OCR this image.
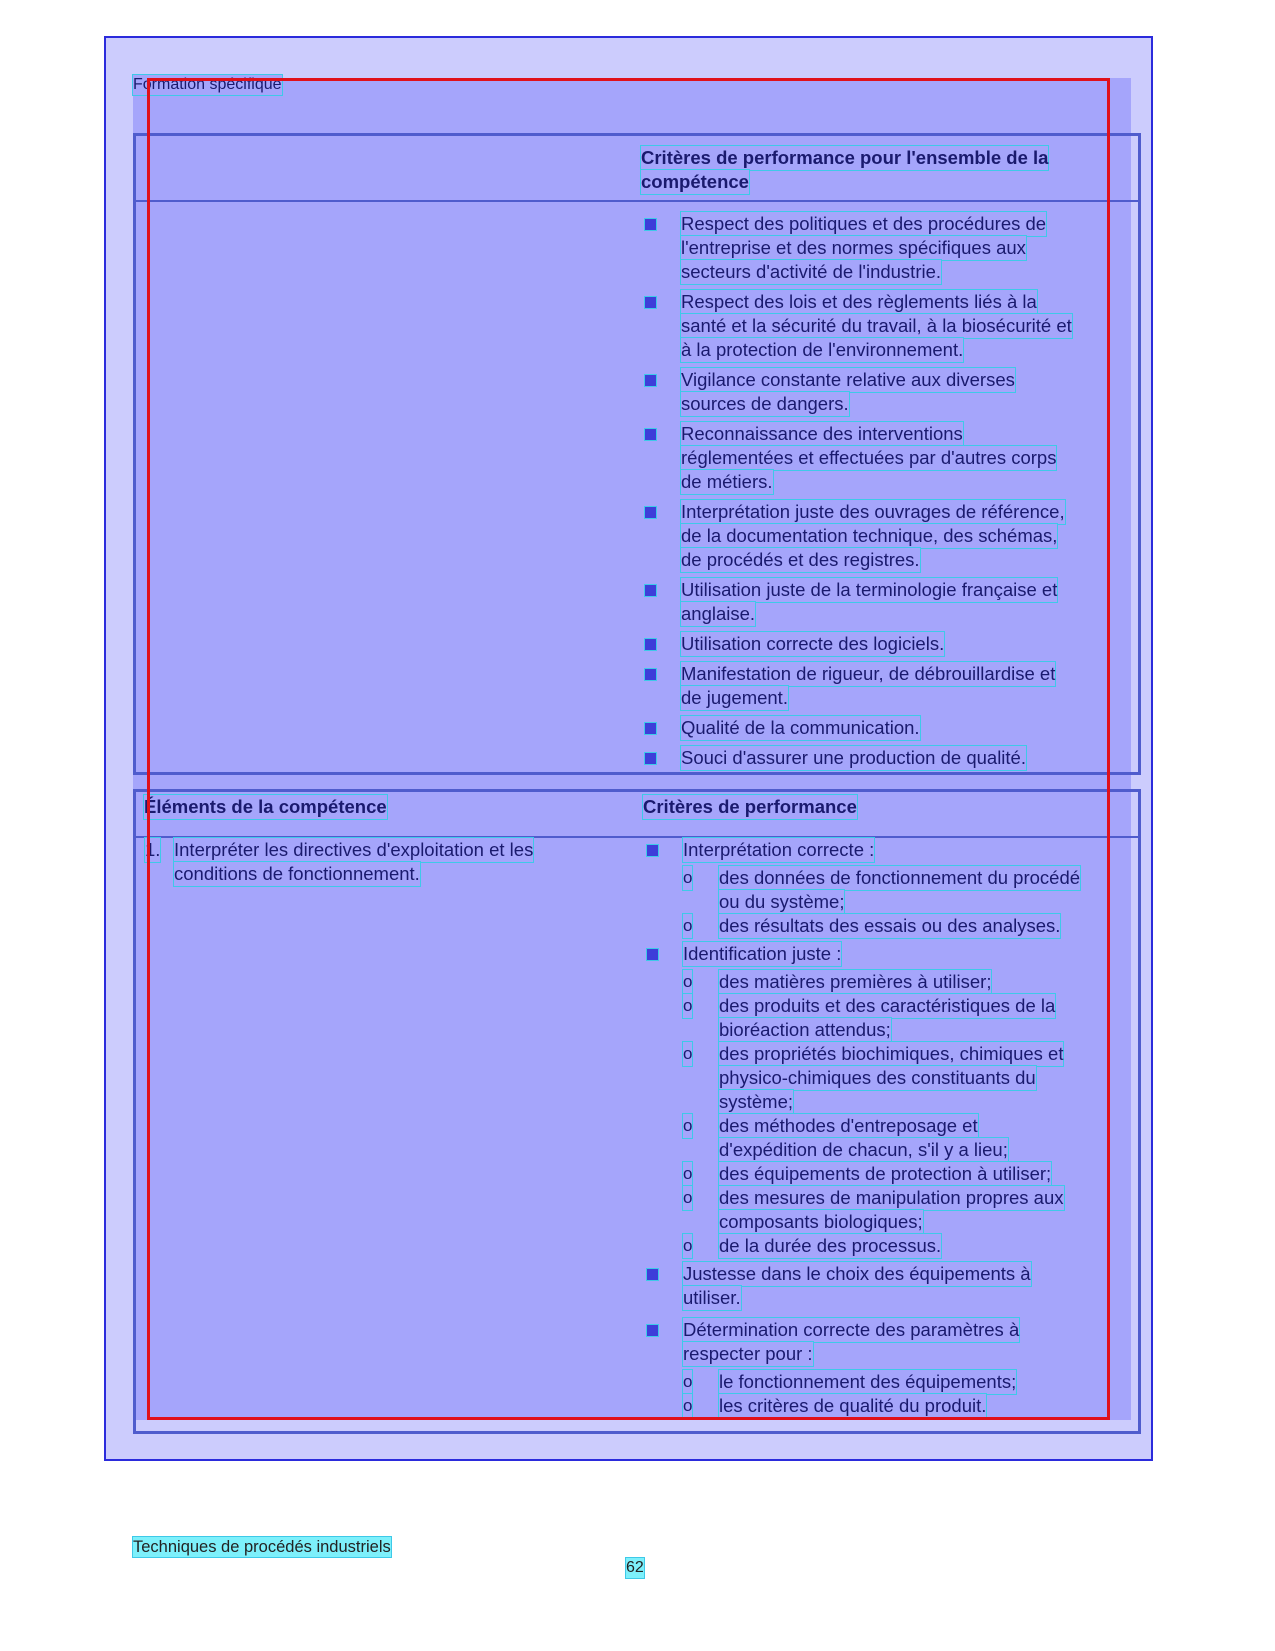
Formation spécifique
Critères de performance pour l'ensemble de la
compétence
Respect des politiques et des procédures de
l'entreprise et des normes spécifiques aux
secteurs d'activité de l'industrie.
Respect des lois et des règlements liés à la
santé et la sécurité du travail, à la biosécurité et
à la protection de l'environnement.
Vigilance constante relative aux diverses
sources de dangers.
Reconnaissance des interventions
réglementées et effectuées par d'autres corps
de métiers.
Interprétation juste des ouvrages de référence,
de la documentation technique, des schémas,
de procédés et des registres.
Utilisation juste de la terminologie française et
anglaise.
Utilisation correcte des logiciels.
Manifestation de rigueur, de débrouillardise et
de jugement.
Qualité de la communication.
Souci d'assurer une production de qualité.
Éléments de la compétence	Critères de performance
1. Interpréter les directives d'exploitation et les
conditions de fonctionnement.
Interprétation correcte :
o des données de fonctionnement du procédé
ou du système;
o des résultats des essais ou des analyses.
Identification juste :
o des matières premières à utiliser;
o des produits et des caractéristiques de la
bioréaction attendus;
o des propriétés biochimiques, chimiques et
physico-chimiques des constituants du
système;
o des méthodes d'entreposage et
d'expédition de chacun, s'il y a lieu;
o des équipements de protection à utiliser;
o des mesures de manipulation propres aux
composants biologiques;
o de la durée des processus.
Justesse dans le choix des équipements à
utiliser.
Détermination correcte des paramètres à
respecter pour :
o le fonctionnement des équipements;
o les critères de qualité du produit.
Techniques de procédés industriels
62
